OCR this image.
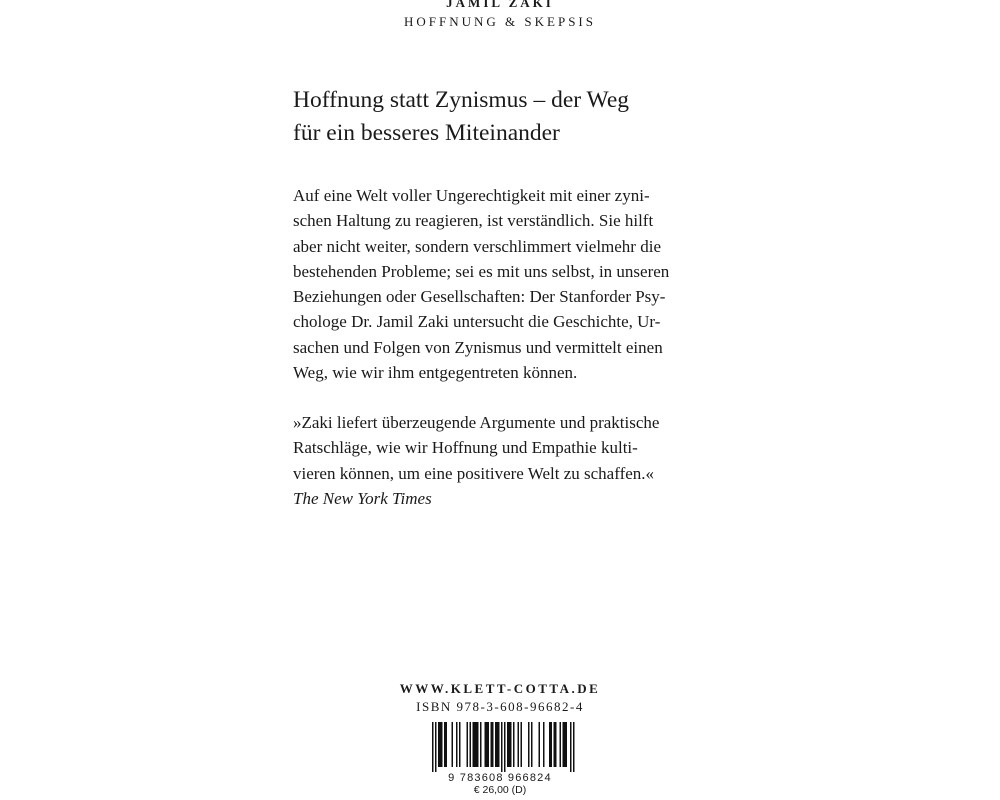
JAMIL ZAKI
HOFFNUNG & SKEPSIS
Hoffnung statt Zynismus – der Weg
für ein besseres Miteinander
Auf eine Welt voller Ungerechtigkeit mit einer zyni-
schen Haltung zu reagieren, ist verständlich. Sie hilft
aber nicht weiter, sondern verschlimmert vielmehr die
bestehenden Probleme; sei es mit uns selbst, in unseren
Beziehungen oder Gesellschaften: Der Stanforder Psy-
chologe Dr. Jamil Zaki untersucht die Geschichte, Ur-
sachen und Folgen von Zynismus und vermittelt einen
Weg, wie wir ihm entgegentreten können.
»Zaki liefert überzeugende Argumente und praktische
Ratschläge, wie wir Hoffnung und Empathie kulti-
vieren können, um eine positivere Welt zu schaffen.«
The New York Times
WWW.KLETT-COTTA.DE
ISBN 978-3-608-96682-4
9 783608 966824
€ 26,00 (D)
